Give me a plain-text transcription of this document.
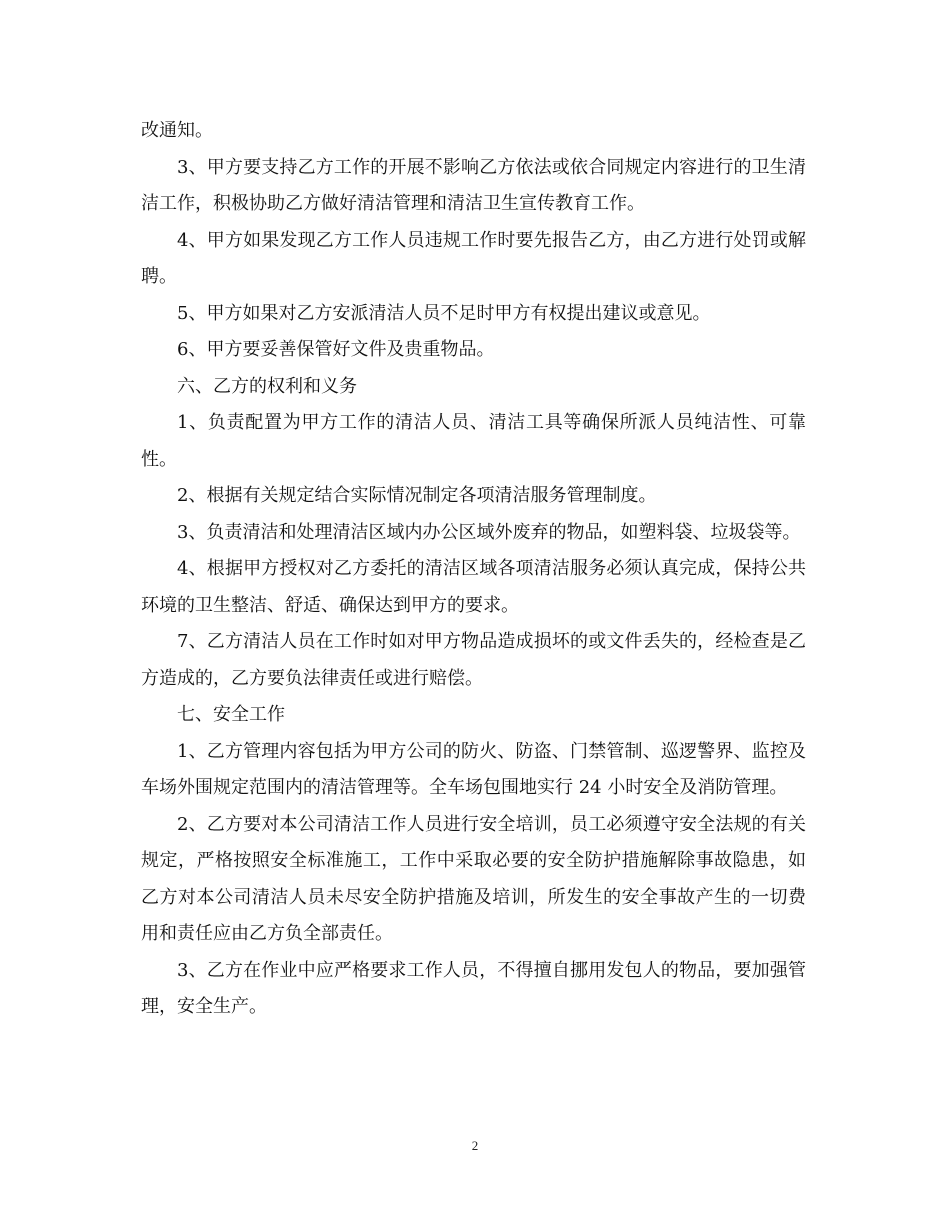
改通知。

3、甲方要支持乙方工作的开展不影响乙方依法或依合同规定内容进行的卫生清洁工作，积极协助乙方做好清洁管理和清洁卫生宣传教育工作。

4、甲方如果发现乙方工作人员违规工作时要先报告乙方，由乙方进行处罚或解聘。

5、甲方如果对乙方安派清洁人员不足时甲方有权提出建议或意见。

6、甲方要妥善保管好文件及贵重物品。

六、乙方的权利和义务

1、负责配置为甲方工作的清洁人员、清洁工具等确保所派人员纯洁性、可靠性。

2、根据有关规定结合实际情况制定各项清洁服务管理制度。

3、负责清洁和处理清洁区域内办公区域外废弃的物品，如塑料袋、垃圾袋等。

4、根据甲方授权对乙方委托的清洁区域各项清洁服务必须认真完成，保持公共环境的卫生整洁、舒适、确保达到甲方的要求。

7、乙方清洁人员在工作时如对甲方物品造成损坏的或文件丢失的，经检查是乙方造成的，乙方要负法律责任或进行赔偿。

七、安全工作

1、乙方管理内容包括为甲方公司的防火、防盗、门禁管制、巡逻警界、监控及车场外围规定范围内的清洁管理等。全车场包围地实行 24 小时安全及消防管理。

2、乙方要对本公司清洁工作人员进行安全培训，员工必须遵守安全法规的有关规定，严格按照安全标准施工，工作中采取必要的安全防护措施解除事故隐患，如乙方对本公司清洁人员未尽安全防护措施及培训，所发生的安全事故产生的一切费用和责任应由乙方负全部责任。

3、乙方在作业中应严格要求工作人员，不得擅自挪用发包人的物品，要加强管理，安全生产。

2
